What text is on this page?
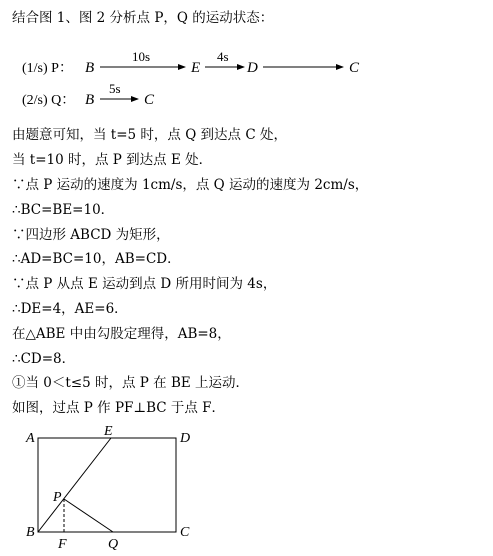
结合图 1、图 2 分析点 P，Q 的运动状态：
(1/s) P： B
10s
E
4s
D	C
(2/s) Q： B
5s
C
由题意可知，当 t=5 时，点 Q 到达点 C 处，
当 t=10 时，点 P 到达点 E 处．
∵点 P 运动的速度为 1cm/s，点 Q 运动的速度为 2cm/s，
∴BC=BE=10．
∵四边形 ABCD 为矩形，
∴AD=BC=10，AB=CD．
∵点 P 从点 E 运动到点 D 所用时间为 4s，
∴DE=4，AE=6．
在△ABE 中由勾股定理得，AB=8，
∴CD=8．
①当 0＜t≤5 时，点 P 在 BE 上运动．
如图，过点 P 作 PF⊥BC 于点 F．
A	E	D
P
B
F	Q
C
